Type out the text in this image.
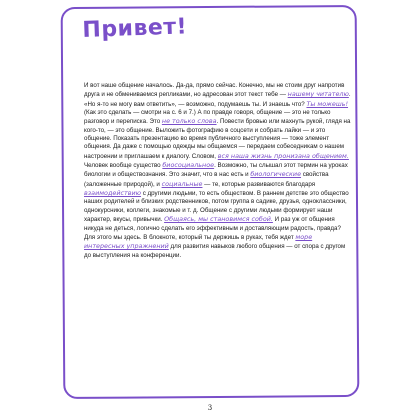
Привет!

И вот наше общение началось. Да-да, прямо сейчас. Конечно, мы не стоим друг напротив друга и не обмениваемся репликами, но адресован этот текст тебе — нашему читателю. «Но я-то не могу вам ответить», — возможно, подумаешь ты. И знаешь что? Ты можешь! (Как это сделать — смотри на с. 6 и 7.) А по правде говоря, общение — это не только разговор и переписка. Это не только слова. Повести бровью или махнуть рукой, глядя на кого-то, — это общение. Выложить фотографию в соцсети и собрать лайки — и это общение. Показать презентацию во время публичного выступления — тоже элемент общения. Да даже с помощью одежды мы общаемся — передаем собеседникам о нашем настроении и приглашаем к диалогу. Словом, вся наша жизнь пронизана общением.

Человек вообще существо биосоциальное. Возможно, ты слышал этот термин на уроках биологии и обществознания. Это значит, что в нас есть и биологические свойства (заложенные природой), и социальные — те, которые развиваются благодаря взаимодействию с другими людьми, то есть обществом. В раннем детстве это общество наших родителей и близких родственников, потом группа в садике, друзья, одноклассники, однокурсники, коллеги, знакомые и т. д. Общение с другими людьми формирует наши характер, вкусы, привычки. Общаясь, мы становимся собой. И раз уж от общения никуда не деться, логично сделать его эффективным и доставляющим радость, правда?

Для этого мы здесь. В блокноте, который ты держишь в руках, тебя ждет море интересных упражнений для развития навыков любого общения — от спора с другом до выступления на конференции.

3
